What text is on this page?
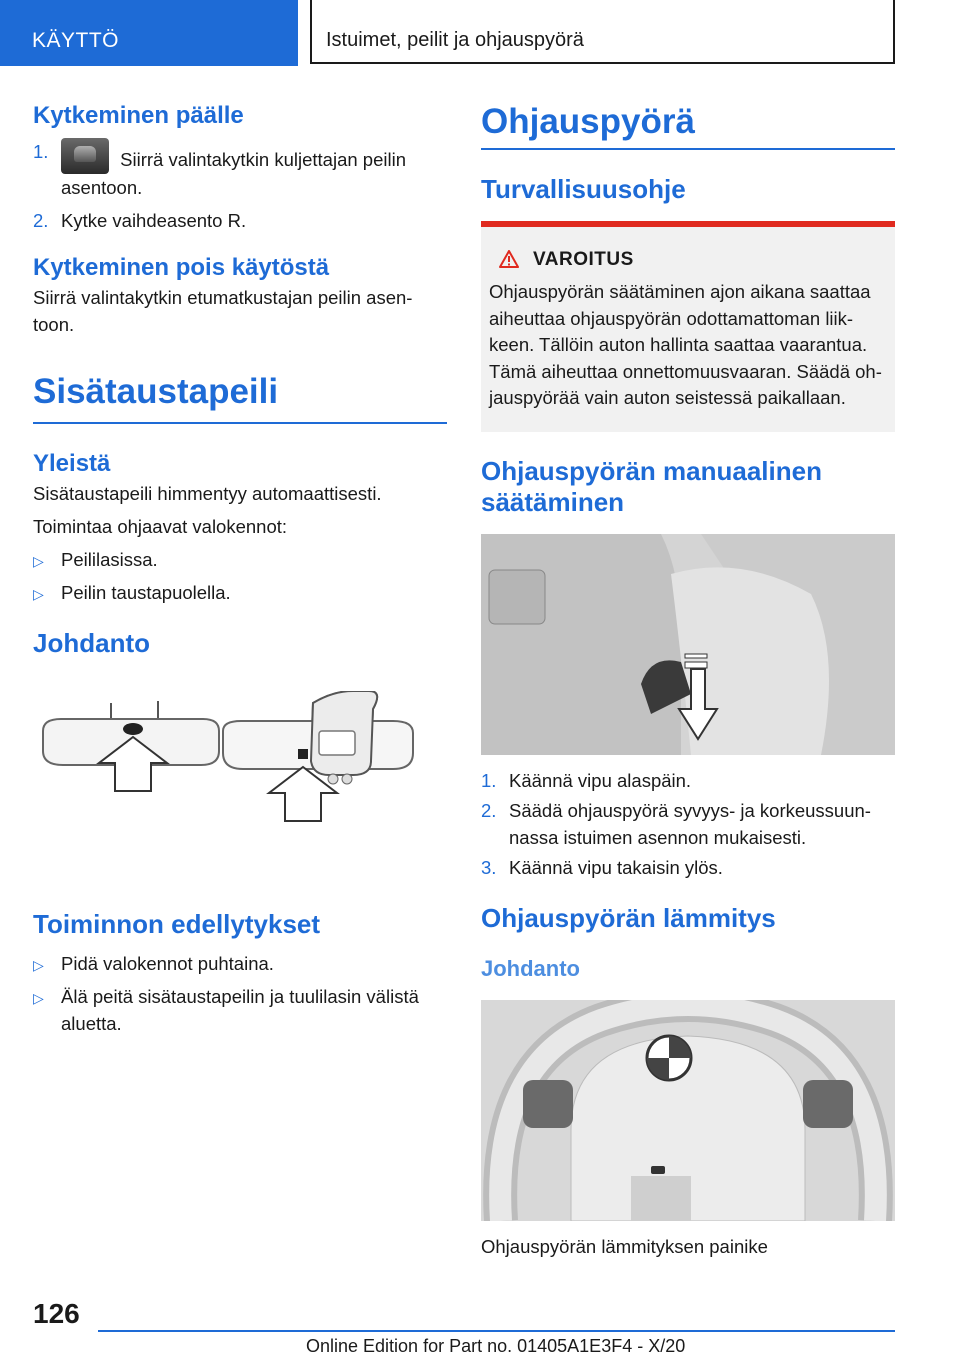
KÄYTTÖ	Istuimet, peilit ja ohjauspyörä
Kytkeminen päälle
1.	Siirrä valintakytkin kuljettajan peilin asentoon.
2. Kytke vaihdeasento R.
Kytkeminen pois käytöstä

Siirrä valintakytkin etumatkustajan peilin asen-toon.

Sisätaustapeili
Yleistä

Sisätaustapeili himmentyy automaattisesti.

Toimintaa ohjaavat valokennot:

▷ Peililasissa.
▷ Peilin taustapuolella.
Johdanto
Toiminnon edellytykset
▷ Pidä valokennot puhtaina.
▷ Älä peitä sisätaustapeilin ja tuulilasin välistä aluetta.
Ohjauspyörä
Turvallisuusohje
VAROITUS

Ohjauspyörän säätäminen ajon aikana saattaa aiheuttaa ohjauspyörän odottamattoman liik-keen. Tällöin auton hallinta saattaa vaarantua. Tämä aiheuttaa onnettomuusvaaran. Säädä oh-jauspyörää vain auton seistessä paikallaan.

Ohjauspyörän manuaalinen säätäminen
1. Käännä vipu alaspäin.
2. Säädä ohjauspyörä syvyys- ja korkeussuun-nassa istuimen asennon mukaisesti.
3. Käännä vipu takaisin ylös.
Ohjauspyörän lämmitys
Johdanto

Ohjauspyörän lämmityksen painike

126
Online Edition for Part no. 01405A1E3F4 - X/20
